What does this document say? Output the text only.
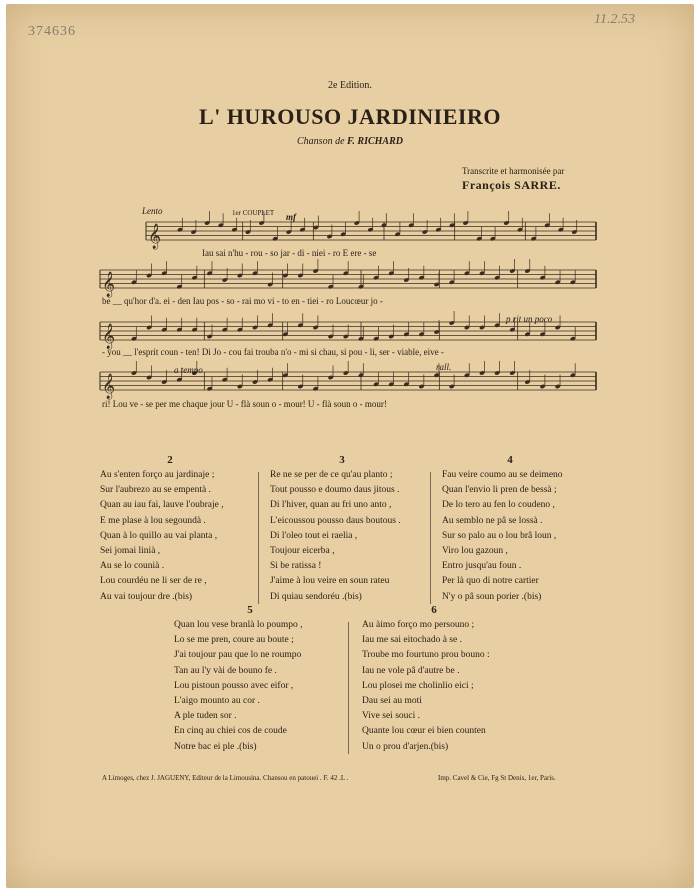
374636
11.2.53
2e Edition.
L' HUROUSO JARDINIEIRO
Chanson de F. RICHARD
Transcrite et harmonisée par
François SARRE.
𝄞
𝄞
𝄞
𝄞
Lento	1er COUPLET mf
p rit un poco
a tempo	rall.
Iau sai n'hu - rou - so jar - di - niei - ro E ere - se
be __ qu'hor d'a. ei - den Iau pos - so - rai mo vi - to en - tiei - ro Loucœur jo -
- you __ l'esprit coun - ten! Di Jo - cou fai trouba n'o - mi si chau, si pou - li, ser - viable, eive -
ri! Lou ve - se per me chaque jour U - flà soun o - mour! U - flà soun o - mour!
2	3	4
Au s'enten forço au jardinaje ;
Sur l'aubrezo au se empentà .
Quan au iau fai, lauve l'oubraje ,
E me plase à lou segoundà .
Quan à lo quillo au vai planta ,
Sei jomai linià ,
Au se lo counià .
Lou courdéu ne li ser de re ,
Au vai toujour dre .(bis)
Re ne se per de ce qu'au planto ;
Tout pousso e doumo daus jitous .
Di l'hiver, quan au fri uno anto ,
L'eicoussou pousso daus boutous .
Di l'oleo tout ei raelia ,
Toujour eicerba ,
Si be ratissa !
J'aime à lou veire en soun rateu
Di quiau sendoréu .(bis)
Fau veire coumo au se deimeno
Quan l'envio li pren de bessà ;
De lo tero au fen lo coudeno ,
Au semblo ne pâ se lossà .
Sur so palo au o lou brâ loun ,
Viro lou gazoun ,
Entro jusqu'au foun .
Per là quo di notre cartier
N'y o pâ soun porier .(bis)
5	6
Quan lou vese branlà lo poumpo ,
Lo se me pren, coure au boute ;
J'ai toujour pau que lo ne roumpo
Tan au l'y vài de bouno fe .
Lou pistoun pousso avec eifor ,
L'aigo mounto au cor .
A ple tuden sor .
En cinq au chiei cos de coude
Notre bac ei ple .(bis)
Au àimo forço mo persouno ;
Iau me sai eitochado à se .
Troube mo fourtuno prou bouno :
Iau ne vole pâ d'autre be .
Lou plosei me cholinlio eici ;
Dau sei au moti
Vive sei souci .
Quante lou cœur ei bien counten
Un o prou d'arjen.(bis)
A Limoges, chez J. JAGUENY, Editeur de la Limousina. Chansou en patouei . F. 42 .L .	Imp. Cavel & Cie, Fg St Denis, 1er, Paris.
